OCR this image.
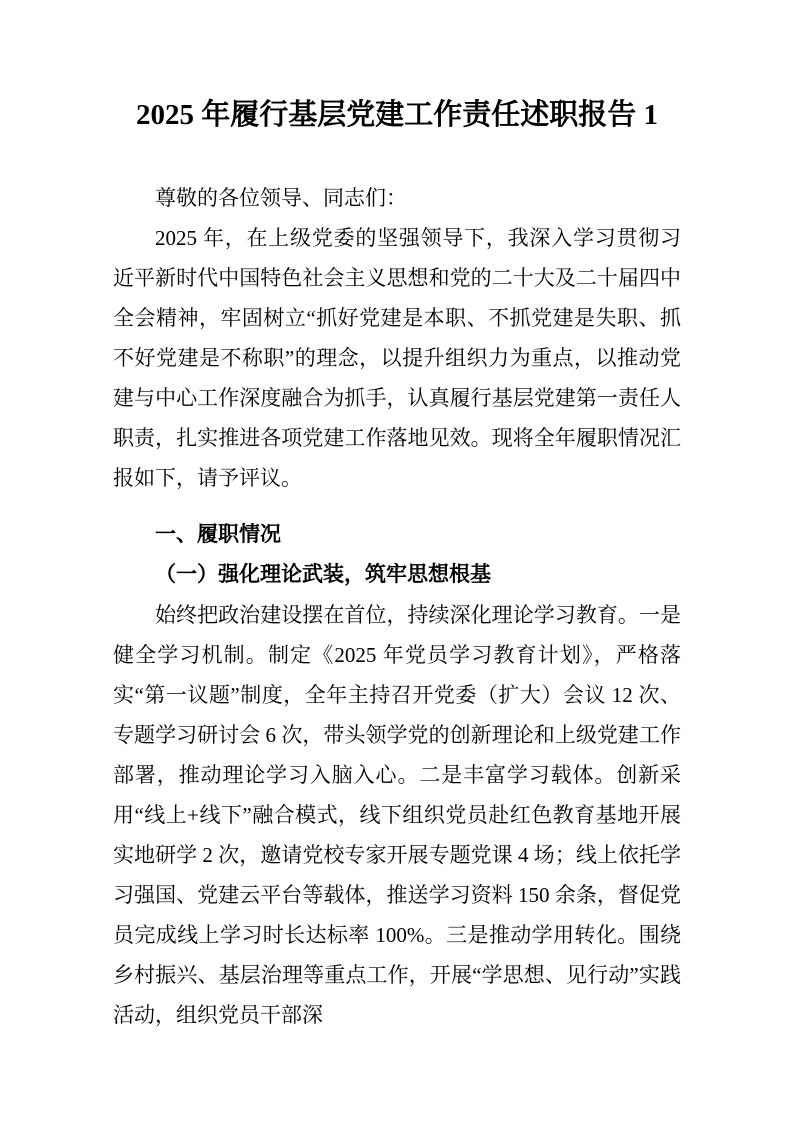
2025 年履行基层党建工作责任述职报告 1

尊敬的各位领导、同志们：

2025 年，在上级党委的坚强领导下，我深入学习贯彻习近平新时代中国特色社会主义思想和党的二十大及二十届四中全会精神，牢固树立“抓好党建是本职、不抓党建是失职、抓不好党建是不称职”的理念，以提升组织力为重点，以推动党建与中心工作深度融合为抓手，认真履行基层党建第一责任人职责，扎实推进各项党建工作落地见效。现将全年履职情况汇报如下，请予评议。

一、履职情况

（一）强化理论武装，筑牢思想根基

始终把政治建设摆在首位，持续深化理论学习教育。一是健全学习机制。制定《2025 年党员学习教育计划》，严格落实“第一议题”制度，全年主持召开党委（扩大）会议 12 次、专题学习研讨会 6 次，带头领学党的创新理论和上级党建工作部署，推动理论学习入脑入心。二是丰富学习载体。创新采用“线上+线下”融合模式，线下组织党员赴红色教育基地开展实地研学 2 次，邀请党校专家开展专题党课 4 场；线上依托学习强国、党建云平台等载体，推送学习资料 150 余条，督促党员完成线上学习时长达标率 100%。三是推动学用转化。围绕乡村振兴、基层治理等重点工作，开展“学思想、见行动”实践活动，组织党员干部深
